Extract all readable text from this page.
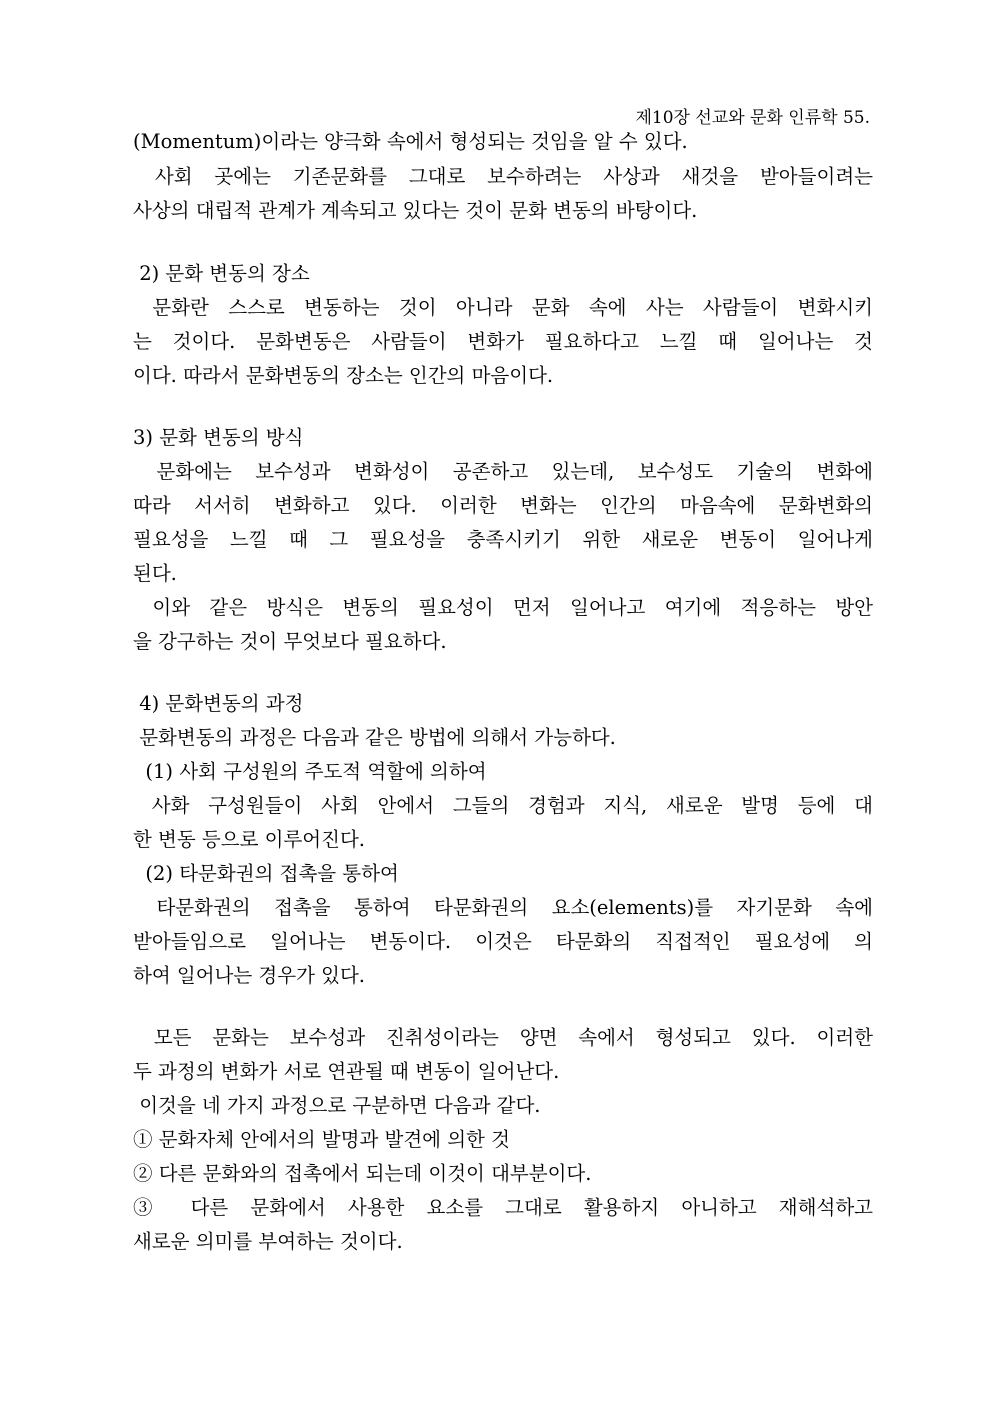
제10장 선교와 문화 인류학 55.
(Momentum)이라는 양극화 속에서 형성되는 것임을 알 수 있다.
사회 곳에는 기존문화를 그대로 보수하려는 사상과 새것을 받아들이려는
사상의 대립적 관계가 계속되고 있다는 것이 문화 변동의 바탕이다.
2) 문화 변동의 장소
문화란 스스로 변동하는 것이 아니라 문화 속에 사는 사람들이 변화시키
는 것이다. 문화변동은 사람들이 변화가 필요하다고 느낄 때 일어나는 것
이다. 따라서 문화변동의 장소는 인간의 마음이다.
3) 문화 변동의 방식
문화에는 보수성과 변화성이 공존하고 있는데, 보수성도 기술의 변화에
따라 서서히 변화하고 있다. 이러한 변화는 인간의 마음속에 문화변화의
필요성을 느낄 때 그 필요성을 충족시키기 위한 새로운 변동이 일어나게
된다.
이와 같은 방식은 변동의 필요성이 먼저 일어나고 여기에 적응하는 방안
을 강구하는 것이 무엇보다 필요하다.
4) 문화변동의 과정
문화변동의 과정은 다음과 같은 방법에 의해서 가능하다.
(1) 사회 구성원의 주도적 역할에 의하여
사화 구성원들이 사회 안에서 그들의 경험과 지식, 새로운 발명 등에 대
한 변동 등으로 이루어진다.
(2) 타문화권의 접촉을 통하여
타문화권의 접촉을 통하여 타문화권의 요소(elements)를 자기문화 속에
받아들임으로 일어나는 변동이다. 이것은 타문화의 직접적인 필요성에 의
하여 일어나는 경우가 있다.
모든 문화는 보수성과 진취성이라는 양면 속에서 형성되고 있다. 이러한
두 과정의 변화가 서로 연관될 때 변동이 일어난다.
이것을 네 가지 과정으로 구분하면 다음과 같다.
① 문화자체 안에서의 발명과 발견에 의한 것
② 다른 문화와의 접촉에서 되는데 이것이 대부분이다.
③ 다른 문화에서 사용한 요소를 그대로 활용하지 아니하고 재해석하고
새로운 의미를 부여하는 것이다.
